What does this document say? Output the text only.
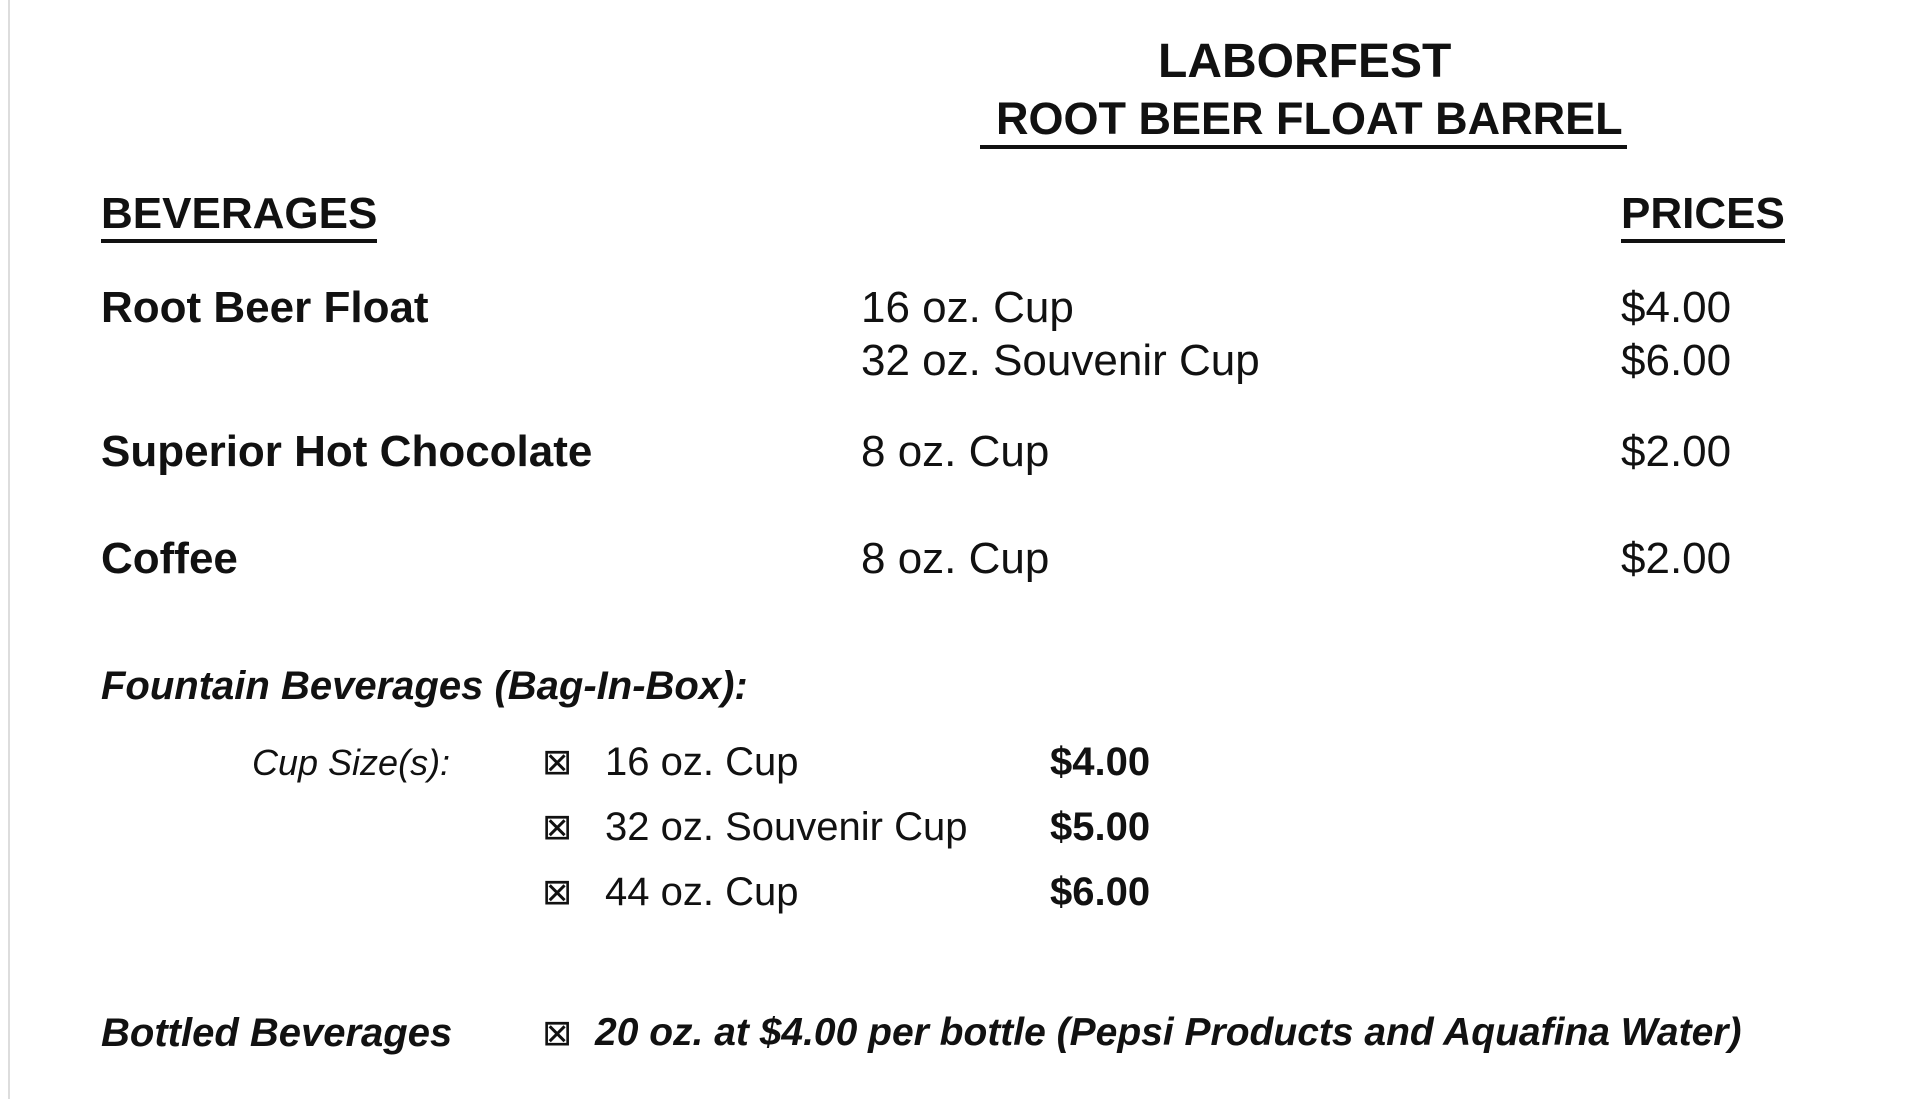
LABORFEST
ROOT BEER FLOAT BARREL
BEVERAGES	PRICES
Root Beer Float	16 oz. Cup	$4.00
32 oz. Souvenir Cup	$6.00
Superior Hot Chocolate	8 oz. Cup	$2.00
Coffee	8 oz. Cup	$2.00
Fountain Beverages (Bag-In-Box):
Cup Size(s):	⊠ 16 oz. Cup	$4.00
⊠ 32 oz. Souvenir Cup $5.00
⊠ 44 oz. Cup	$6.00
Bottled Beverages ⊠ 20 oz. at $4.00 per bottle (Pepsi Products and Aquafina Water)
